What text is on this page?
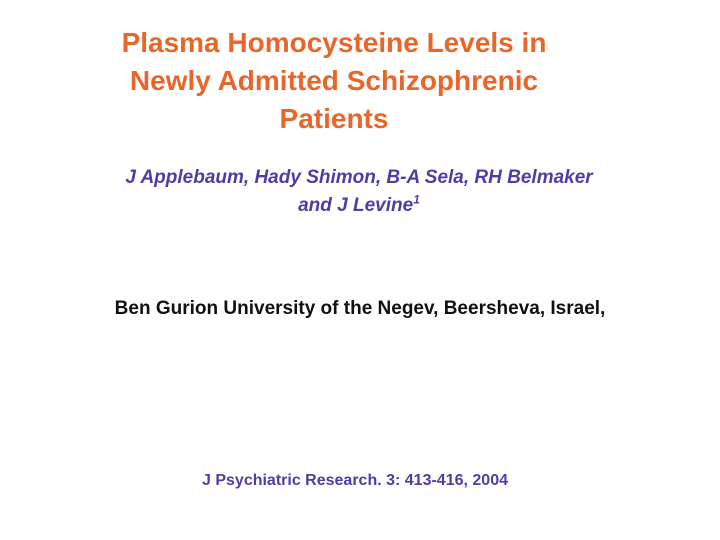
Plasma Homocysteine Levels in
Newly Admitted Schizophrenic
Patients
J Applebaum, Hady Shimon, B-A Sela, RH Belmaker
and J Levine$^1$
Ben Gurion University of the Negev, Beersheva, Israel,
J Psychiatric Research. 3: 413-416, 2004
